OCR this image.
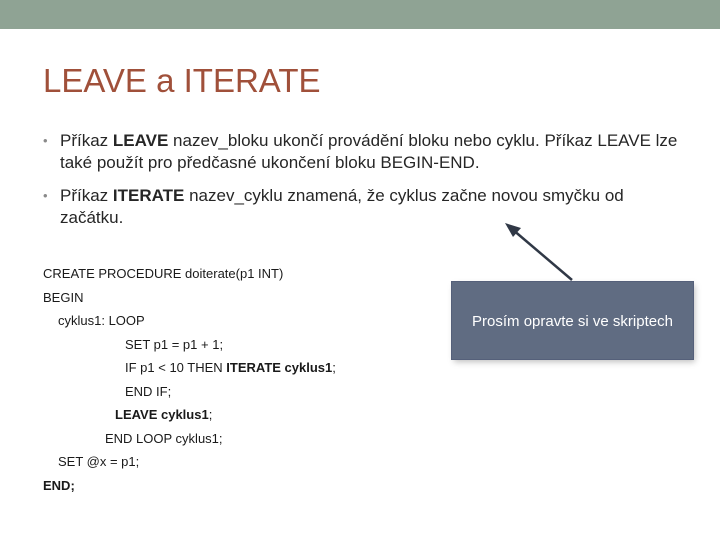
LEAVE a ITERATE
• Příkaz LEAVE nazev_bloku ukončí provádění bloku nebo cyklu. Příkaz LEAVE lze také použít pro předčasné ukončení bloku BEGIN-END.
• Příkaz ITERATE nazev_cyklu znamená, že cyklus začne novou smyčku od začátku.
CREATE PROCEDURE doiterate(p1 INT)
BEGIN
cyklus1: LOOP
SET p1 = p1 + 1;
IF p1 < 10 THEN ITERATE cyklus1;
END IF;
LEAVE cyklus1;
END LOOP cyklus1;
SET @x = p1;
END;
Prosím opravte si ve skriptech
